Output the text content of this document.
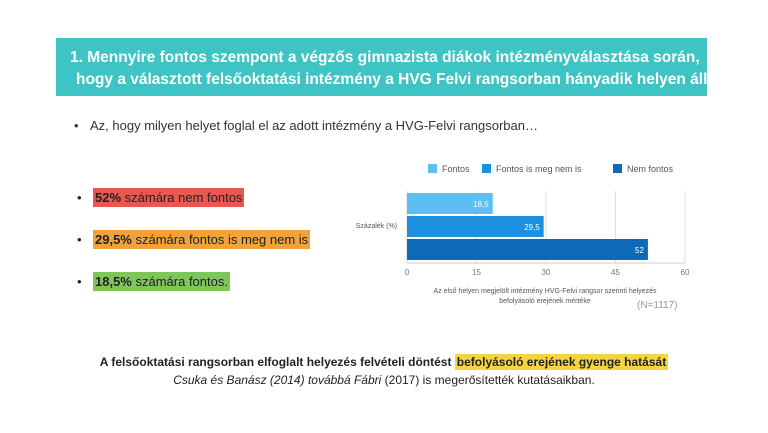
1. Mennyire fontos szempont a végzős gimnazista diákok intézményválasztása során,
hogy a választott felsőoktatási intézmény a HVG Felvi rangsorban hányadik helyen áll?
• Az, hogy milyen helyet foglal el az adott intézmény a HVG-Felvi rangsorban…
• 52% számára nem fontos
• 29,5% számára fontos is meg nem is
• 18,5% számára fontos.
Fontos	Fontos is meg nem is	Nem fontos
18,5
29,5
52
Százalék (%)
0	15	30	45	60
Az első helyen megjelölt intézmény HVG-Felvi rangsor szerinti helyezés
befolyásoló erejének mértéke	(N=1117)
A felsőoktatási rangsorban elfoglalt helyezés felvételi döntést befolyásoló erejének gyenge hatását
Csuka és Banász (2014) továbbá Fábri (2017) is megerősítették kutatásaikban.
